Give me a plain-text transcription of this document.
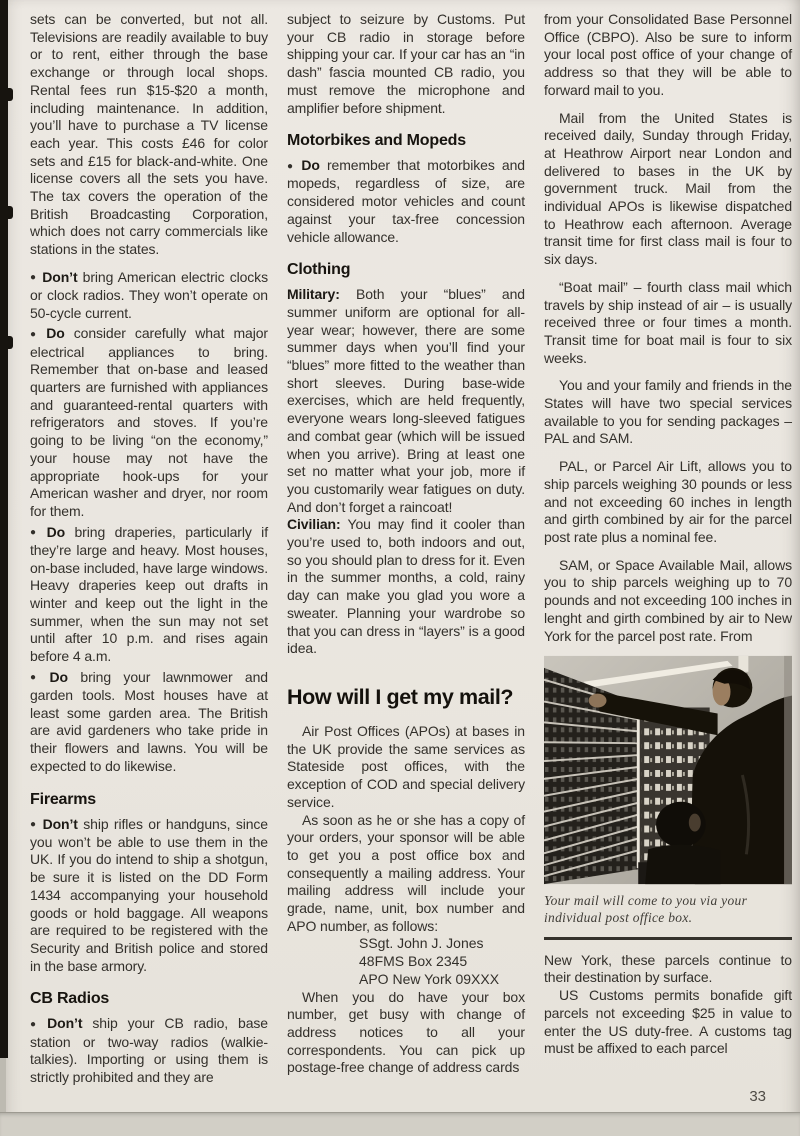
sets can be converted, but not all. Televisions are readily available to buy or to rent, either through the base exchange or through local shops. Rental fees run $15-$20 a month, including maintenance. In addition, you’ll have to purchase a TV license each year. This costs £46 for color sets and £15 for black-and-white. One license covers all the sets you have. The tax covers the operation of the British Broadcasting Corporation, which does not carry commercials like stations in the states.

● Don’t bring American electric clocks or clock radios. They won’t operate on 50-cycle current.

● Do consider carefully what major electrical appliances to bring. Remember that on-base and leased quarters are furnished with appliances and guaranteed-rental quarters with refrigerators and stoves. If you’re going to be living “on the economy,” your house may not have the appropriate hook-ups for your American washer and dryer, nor room for them.

● Do bring draperies, particularly if they’re large and heavy. Most houses, on-base included, have large windows. Heavy draperies keep out drafts in winter and keep out the light in the summer, when the sun may not set until after 10 p.m. and rises again before 4 a.m.

● Do bring your lawnmower and garden tools. Most houses have at least some garden area. The British are avid gardeners who take pride in their flowers and lawns. You will be expected to do likewise.

Firearms

● Don’t ship rifles or handguns, since you won’t be able to use them in the UK. If you do intend to ship a shotgun, be sure it is listed on the DD Form 1434 accompanying your household goods or hold baggage. All weapons are required to be registered with the Security and British police and stored in the base armory.

CB Radios

● Don’t ship your CB radio, base station or two-way radios (walkie-talkies). Importing or using them is strictly prohibited and they are

subject to seizure by Customs. Put your CB radio in storage before shipping your car. If your car has an “in dash” fascia mounted CB radio, you must remove the microphone and amplifier before shipment.

Motorbikes and Mopeds

● Do remember that motorbikes and mopeds, regardless of size, are considered motor vehicles and count against your tax-free concession vehicle allowance.

Clothing

Military: Both your “blues” and summer uniform are optional for all-year wear; however, there are some summer days when you’ll find your “blues” more fitted to the weather than short sleeves. During base-wide exercises, which are held frequently, everyone wears long-sleeved fatigues and combat gear (which will be issued when you arrive). Bring at least one set no matter what your job, more if you customarily wear fatigues on duty. And don’t forget a raincoat!

Civilian: You may find it cooler than you’re used to, both indoors and out, so you should plan to dress for it. Even in the summer months, a cold, rainy day can make you glad you wore a sweater. Planning your wardrobe so that you can dress in “layers” is a good idea.

How will I get my mail?

Air Post Offices (APOs) at bases in the UK provide the same services as Stateside post offices, with the exception of COD and special delivery service.

As soon as he or she has a copy of your orders, your sponsor will be able to get you a post office box and consequently a mailing address. Your mailing address will include your grade, name, unit, box number and APO number, as follows:

SSgt. John J. Jones
48FMS Box 2345
APO New York 09XXX

When you do have your box number, get busy with change of address notices to all your correspondents. You can pick up postage-free change of address cards

from your Consolidated Base Personnel Office (CBPO). Also be sure to inform your local post office of your change of address so that they will be able to forward mail to you.

Mail from the United States is received daily, Sunday through Friday, at Heathrow Airport near London and delivered to bases in the UK by government truck. Mail from the individual APOs is likewise dispatched to Heathrow each afternoon. Average transit time for first class mail is four to six days.

“Boat mail” – fourth class mail which travels by ship instead of air – is usually received three or four times a month. Transit time for boat mail is four to six weeks.

You and your family and friends in the States will have two special services available to you for sending packages – PAL and SAM.

PAL, or Parcel Air Lift, allows you to ship parcels weighing 30 pounds or less and not exceeding 60 inches in length and girth combined by air for the parcel post rate plus a nominal fee.

SAM, or Space Available Mail, allows you to ship parcels weighing up to 70 pounds and not exceeding 100 inches in lenght and girth combined by air to New York for the parcel post rate. From

Your mail will come to you via your individual post office box.

New York, these parcels continue to their destination by surface.

US Customs permits bonafide gift parcels not exceeding $25 in value to enter the US duty-free. A customs tag must be affixed to each parcel

33
